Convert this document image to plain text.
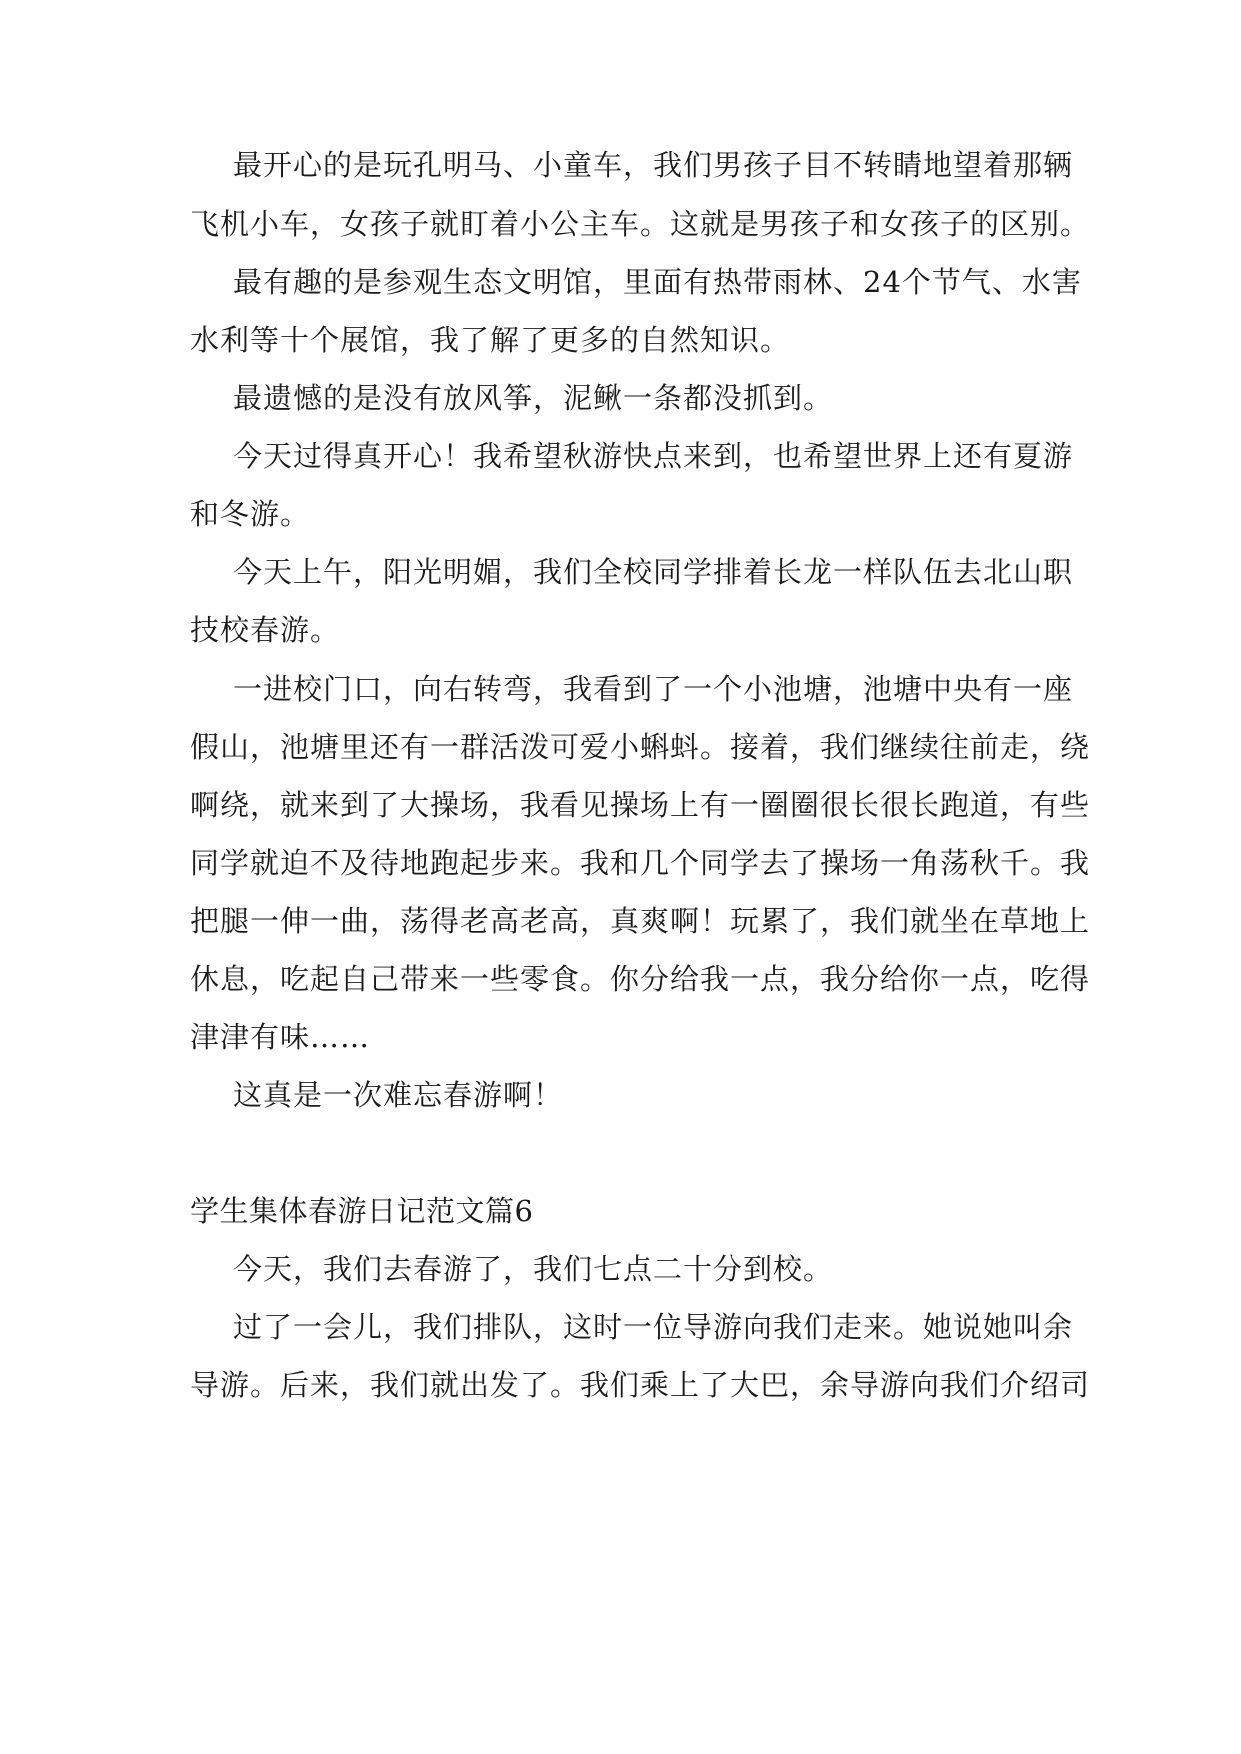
最开心的是玩孔明马、小童车，我们男孩子目不转睛地望着那辆
飞机小车，女孩子就盯着小公主车。这就是男孩子和女孩子的区别。
最有趣的是参观生态文明馆，里面有热带雨林、24个节气、水害
水利等十个展馆，我了解了更多的自然知识。
最遗憾的是没有放风筝，泥鳅一条都没抓到。
今天过得真开心！我希望秋游快点来到，也希望世界上还有夏游
和冬游。
今天上午，阳光明媚，我们全校同学排着长龙一样队伍去北山职
技校春游。
一进校门口，向右转弯，我看到了一个小池塘，池塘中央有一座
假山，池塘里还有一群活泼可爱小蝌蚪。接着，我们继续往前走，绕
啊绕，就来到了大操场，我看见操场上有一圈圈很长很长跑道，有些
同学就迫不及待地跑起步来。我和几个同学去了操场一角荡秋千。我
把腿一伸一曲，荡得老高老高，真爽啊！玩累了，我们就坐在草地上
休息，吃起自己带来一些零食。你分给我一点，我分给你一点，吃得
津津有味……
这真是一次难忘春游啊！
学生集体春游日记范文篇6
今天，我们去春游了，我们七点二十分到校。
过了一会儿，我们排队，这时一位导游向我们走来。她说她叫余
导游。后来，我们就出发了。我们乘上了大巴，余导游向我们介绍司
